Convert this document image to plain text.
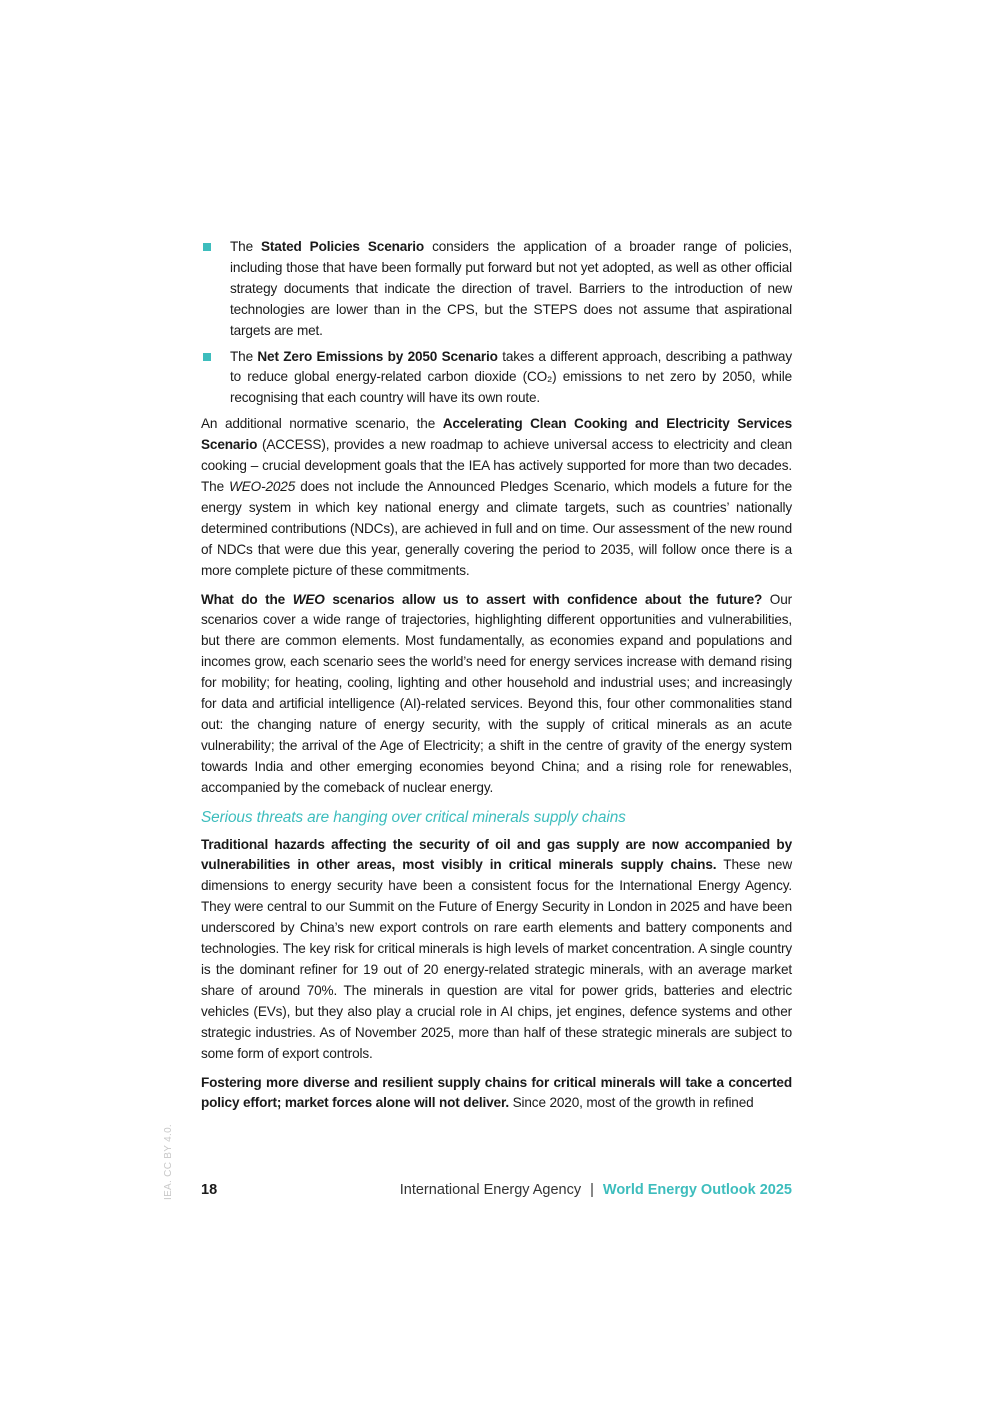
The Stated Policies Scenario considers the application of a broader range of policies, including those that have been formally put forward but not yet adopted, as well as other official strategy documents that indicate the direction of travel. Barriers to the introduction of new technologies are lower than in the CPS, but the STEPS does not assume that aspirational targets are met.
The Net Zero Emissions by 2050 Scenario takes a different approach, describing a pathway to reduce global energy-related carbon dioxide (CO₂) emissions to net zero by 2050, while recognising that each country will have its own route.

An additional normative scenario, the Accelerating Clean Cooking and Electricity Services Scenario (ACCESS), provides a new roadmap to achieve universal access to electricity and clean cooking – crucial development goals that the IEA has actively supported for more than two decades. The WEO-2025 does not include the Announced Pledges Scenario, which models a future for the energy system in which key national energy and climate targets, such as countries’ nationally determined contributions (NDCs), are achieved in full and on time. Our assessment of the new round of NDCs that were due this year, generally covering the period to 2035, will follow once there is a more complete picture of these commitments.

What do the WEO scenarios allow us to assert with confidence about the future? Our scenarios cover a wide range of trajectories, highlighting different opportunities and vulnerabilities, but there are common elements. Most fundamentally, as economies expand and populations and incomes grow, each scenario sees the world’s need for energy services increase with demand rising for mobility; for heating, cooling, lighting and other household and industrial uses; and increasingly for data and artificial intelligence (AI)-related services. Beyond this, four other commonalities stand out: the changing nature of energy security, with the supply of critical minerals as an acute vulnerability; the arrival of the Age of Electricity; a shift in the centre of gravity of the energy system towards India and other emerging economies beyond China; and a rising role for renewables, accompanied by the comeback of nuclear energy.

Serious threats are hanging over critical minerals supply chains

Traditional hazards affecting the security of oil and gas supply are now accompanied by vulnerabilities in other areas, most visibly in critical minerals supply chains. These new dimensions to energy security have been a consistent focus for the International Energy Agency. They were central to our Summit on the Future of Energy Security in London in 2025 and have been underscored by China’s new export controls on rare earth elements and battery components and technologies. The key risk for critical minerals is high levels of market concentration. A single country is the dominant refiner for 19 out of 20 energy-related strategic minerals, with an average market share of around 70%. The minerals in question are vital for power grids, batteries and electric vehicles (EVs), but they also play a crucial role in AI chips, jet engines, defence systems and other strategic industries. As of November 2025, more than half of these strategic minerals are subject to some form of export controls.

Fostering more diverse and resilient supply chains for critical minerals will take a concerted policy effort; market forces alone will not deliver. Since 2020, most of the growth in refined

18	International Energy Agency | World Energy Outlook 2025
IEA. CC BY 4.0.
